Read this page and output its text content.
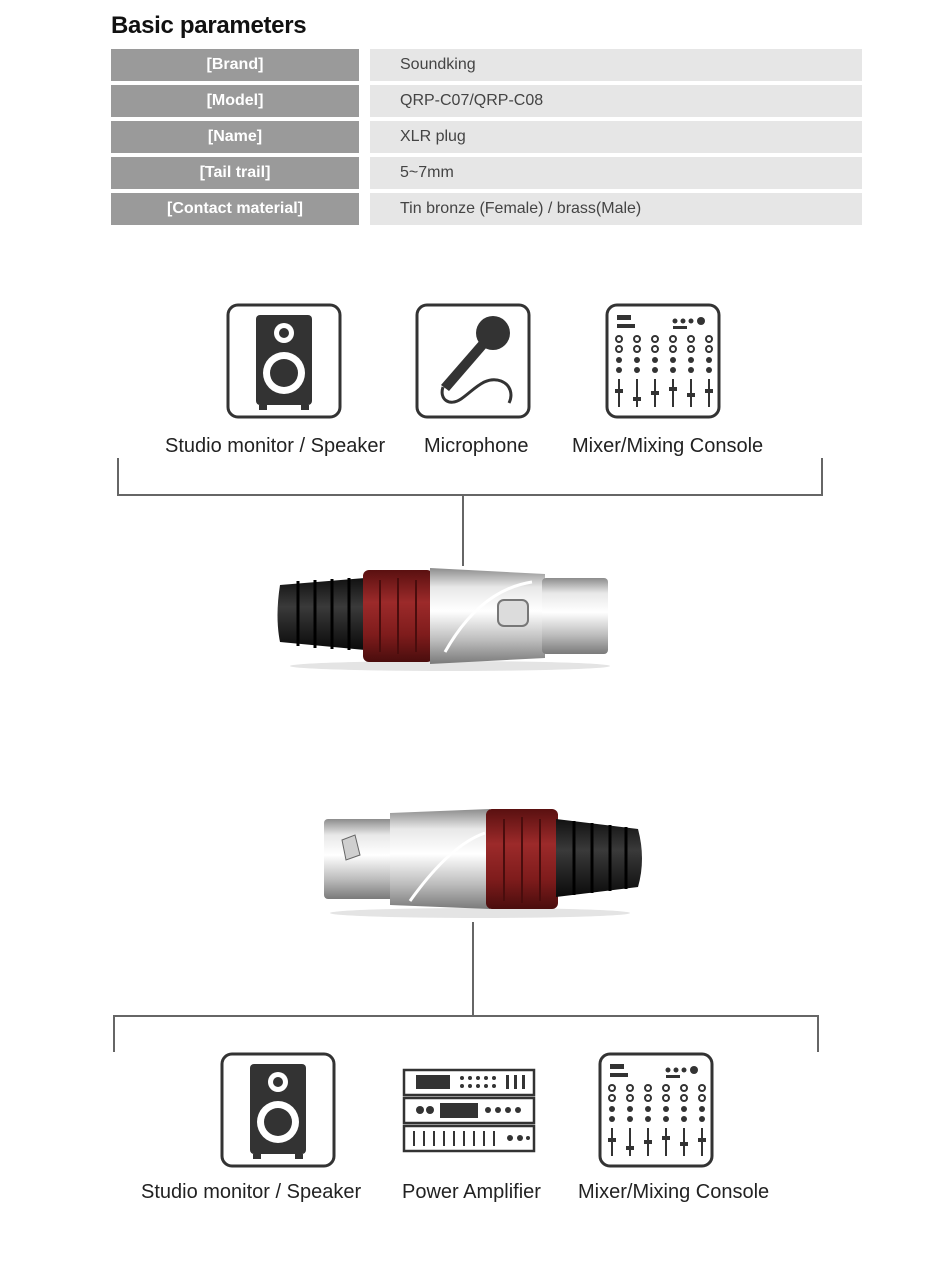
Basic parameters
[Brand]	Soundking
[Model]	QRP-C07/QRP-C08
[Name]	XLR plug
[Tail trail]	5~7mm
[Contact material]	Tin bronze (Female) / brass(Male)
Studio monitor / Speaker Microphone Mixer/Mixing Console
Studio monitor / Speaker Power Amplifier Mixer/Mixing Console
